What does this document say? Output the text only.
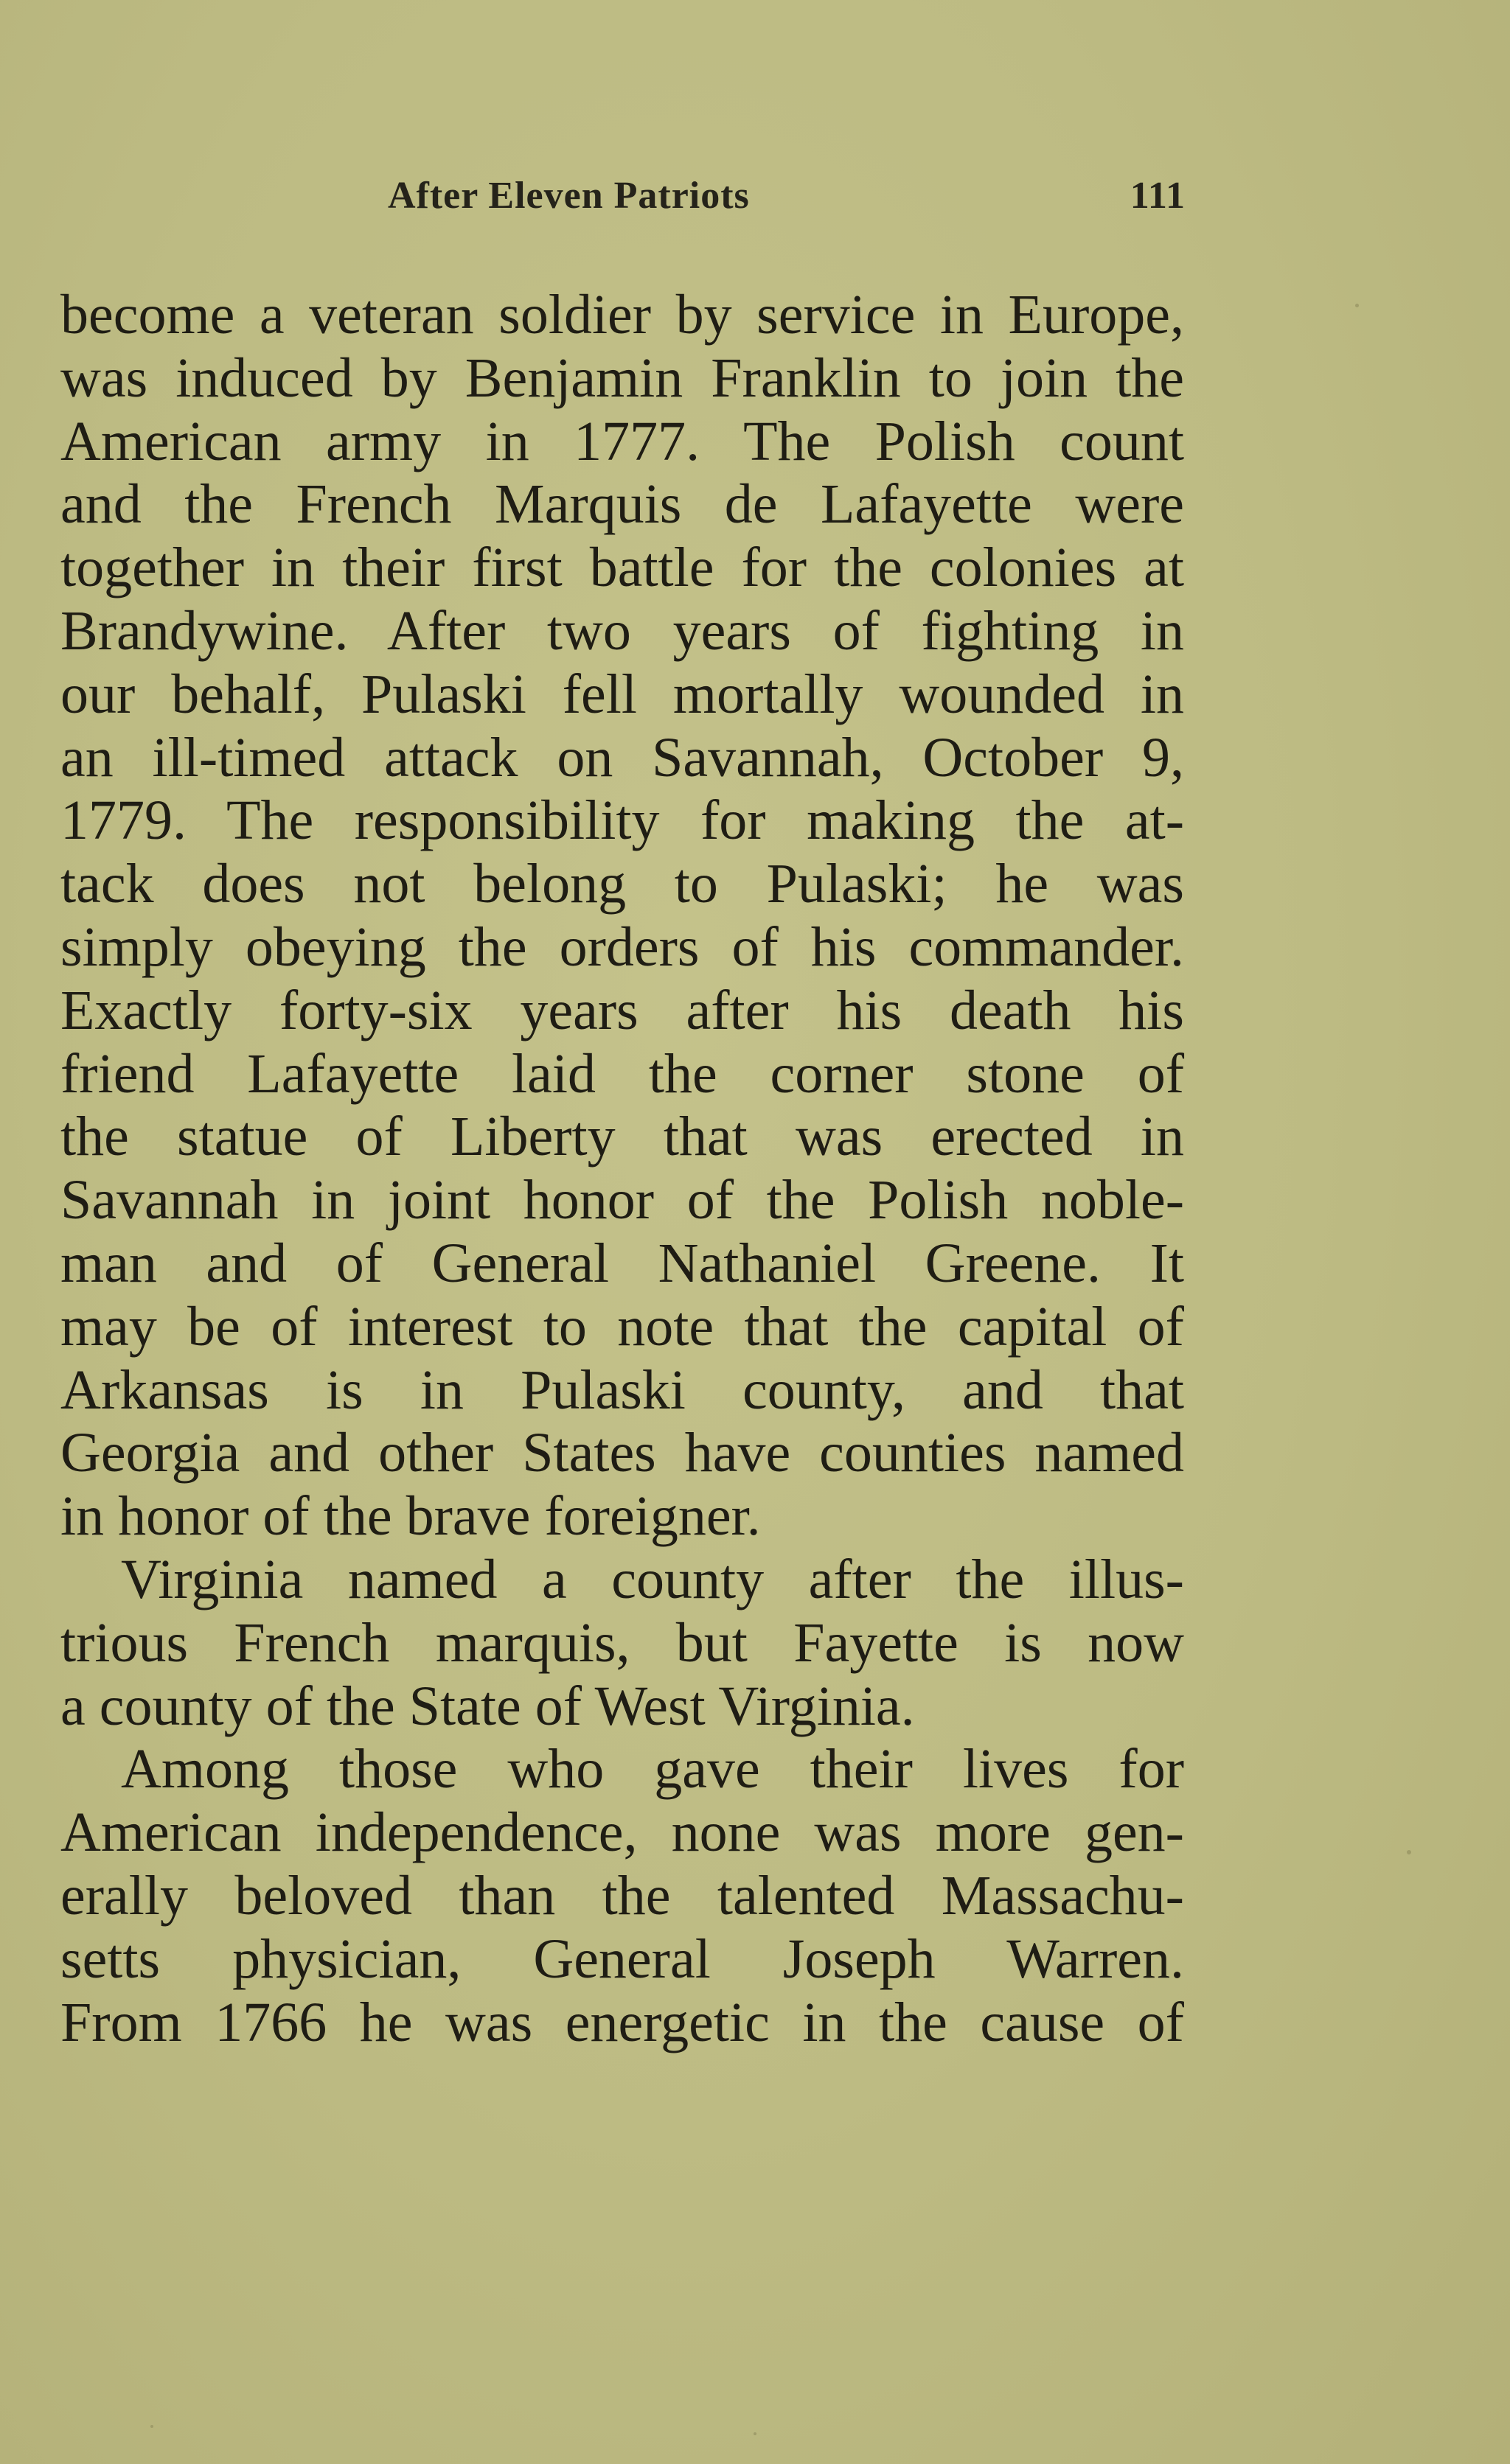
After Eleven Patriots	111
become a veteran soldier by service in Europe,
was induced by Benjamin Franklin to join the
American army in 1777. The Polish count
and the French Marquis de Lafayette were
together in their first battle for the colonies at
Brandywine. After two years of fighting in
our behalf, Pulaski fell mortally wounded in
an ill-timed attack on Savannah, October 9,
1779. The responsibility for making the at-
tack does not belong to Pulaski; he was
simply obeying the orders of his commander.
Exactly forty-six years after his death his
friend Lafayette laid the corner stone of
the statue of Liberty that was erected in
Savannah in joint honor of the Polish noble-
man and of General Nathaniel Greene. It
may be of interest to note that the capital of
Arkansas is in Pulaski county, and that
Georgia and other States have counties named
in honor of the brave foreigner.
Virginia named a county after the illus-
trious French marquis, but Fayette is now
a county of the State of West Virginia.
Among those who gave their lives for
American independence, none was more gen-
erally beloved than the talented Massachu-
setts physician, General Joseph Warren.
From 1766 he was energetic in the cause of
